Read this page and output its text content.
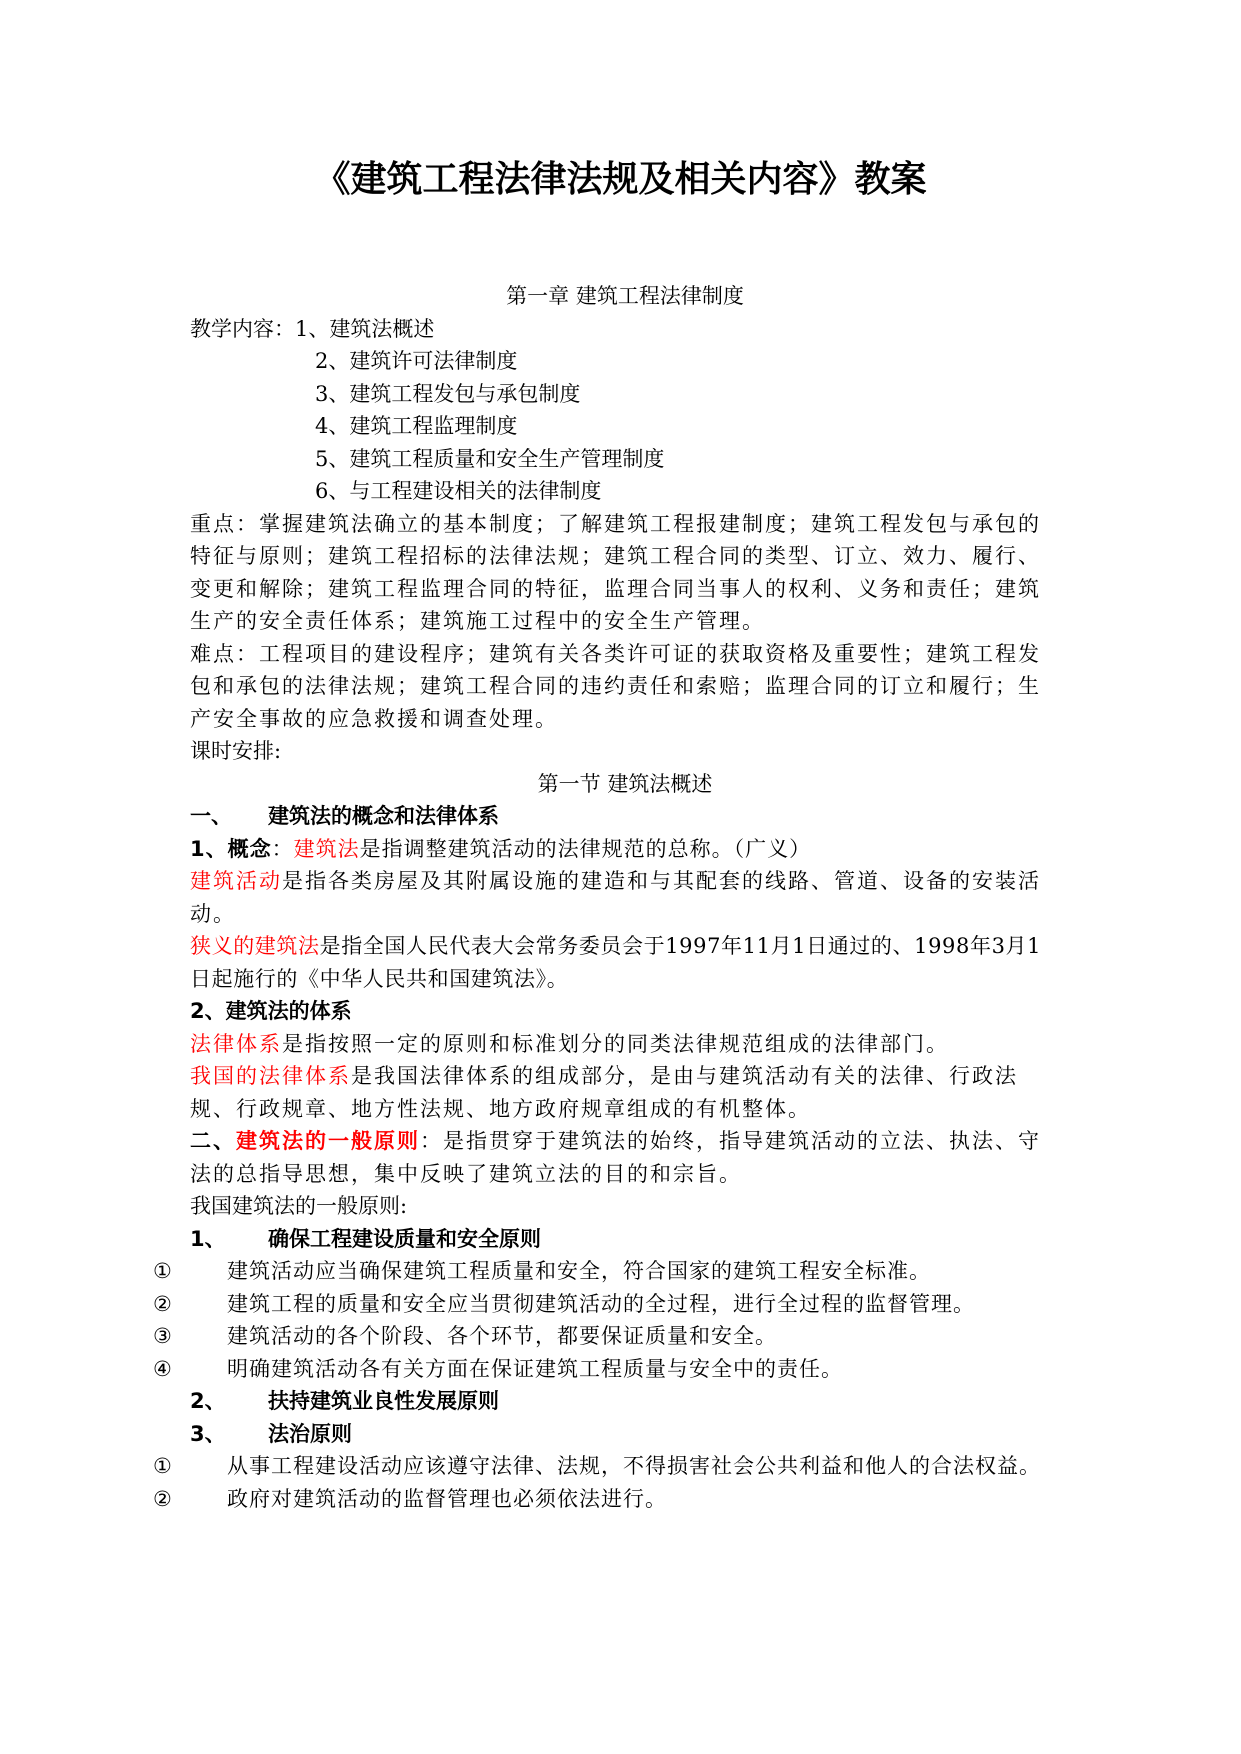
《建筑工程法律法规及相关内容》教案
第一章 建筑工程法律制度
教学内容：1、建筑法概述
2、建筑许可法律制度
3、建筑工程发包与承包制度
4、建筑工程监理制度
5、建筑工程质量和安全生产管理制度
6、与工程建设相关的法律制度
重点：掌握建筑法确立的基本制度；了解建筑工程报建制度；建筑工程发包与承包的特征与原则；建筑工程招标的法律法规；建筑工程合同的类型、订立、效力、履行、变更和解除；建筑工程监理合同的特征，监理合同当事人的权利、义务和责任；建筑生产的安全责任体系；建筑施工过程中的安全生产管理。
难点：工程项目的建设程序；建筑有关各类许可证的获取资格及重要性；建筑工程发包和承包的法律法规；建筑工程合同的违约责任和索赔；监理合同的订立和履行；生产安全事故的应急救援和调查处理。
课时安排:
第一节 建筑法概述
一、 建筑法的概念和法律体系
1、概念：建筑法是指调整建筑活动的法律规范的总称。（广义）
建筑活动是指各类房屋及其附属设施的建造和与其配套的线路、管道、设备的安装活动。
狭义的建筑法是指全国人民代表大会常务委员会于1997年11月1日通过的、1998年3月1日起施行的《中华人民共和国建筑法》。
2、建筑法的体系
法律体系是指按照一定的原则和标准划分的同类法律规范组成的法律部门。
我国的法律体系是我国法律体系的组成部分，是由与建筑活动有关的法律、行政法规、行政规章、地方性法规、地方政府规章组成的有机整体。
二、建筑法的一般原则：是指贯穿于建筑法的始终，指导建筑活动的立法、执法、守法的总指导思想，集中反映了建筑立法的目的和宗旨。
我国建筑法的一般原则:
1、 确保工程建设质量和安全原则
①	建筑活动应当确保建筑工程质量和安全，符合国家的建筑工程安全标准。
②	建筑工程的质量和安全应当贯彻建筑活动的全过程，进行全过程的监督管理。
③	建筑活动的各个阶段、各个环节，都要保证质量和安全。
④	明确建筑活动各有关方面在保证建筑工程质量与安全中的责任。
2、 扶持建筑业良性发展原则
3、 法治原则
①	从事工程建设活动应该遵守法律、法规，不得损害社会公共利益和他人的合法权益。
②	政府对建筑活动的监督管理也必须依法进行。
